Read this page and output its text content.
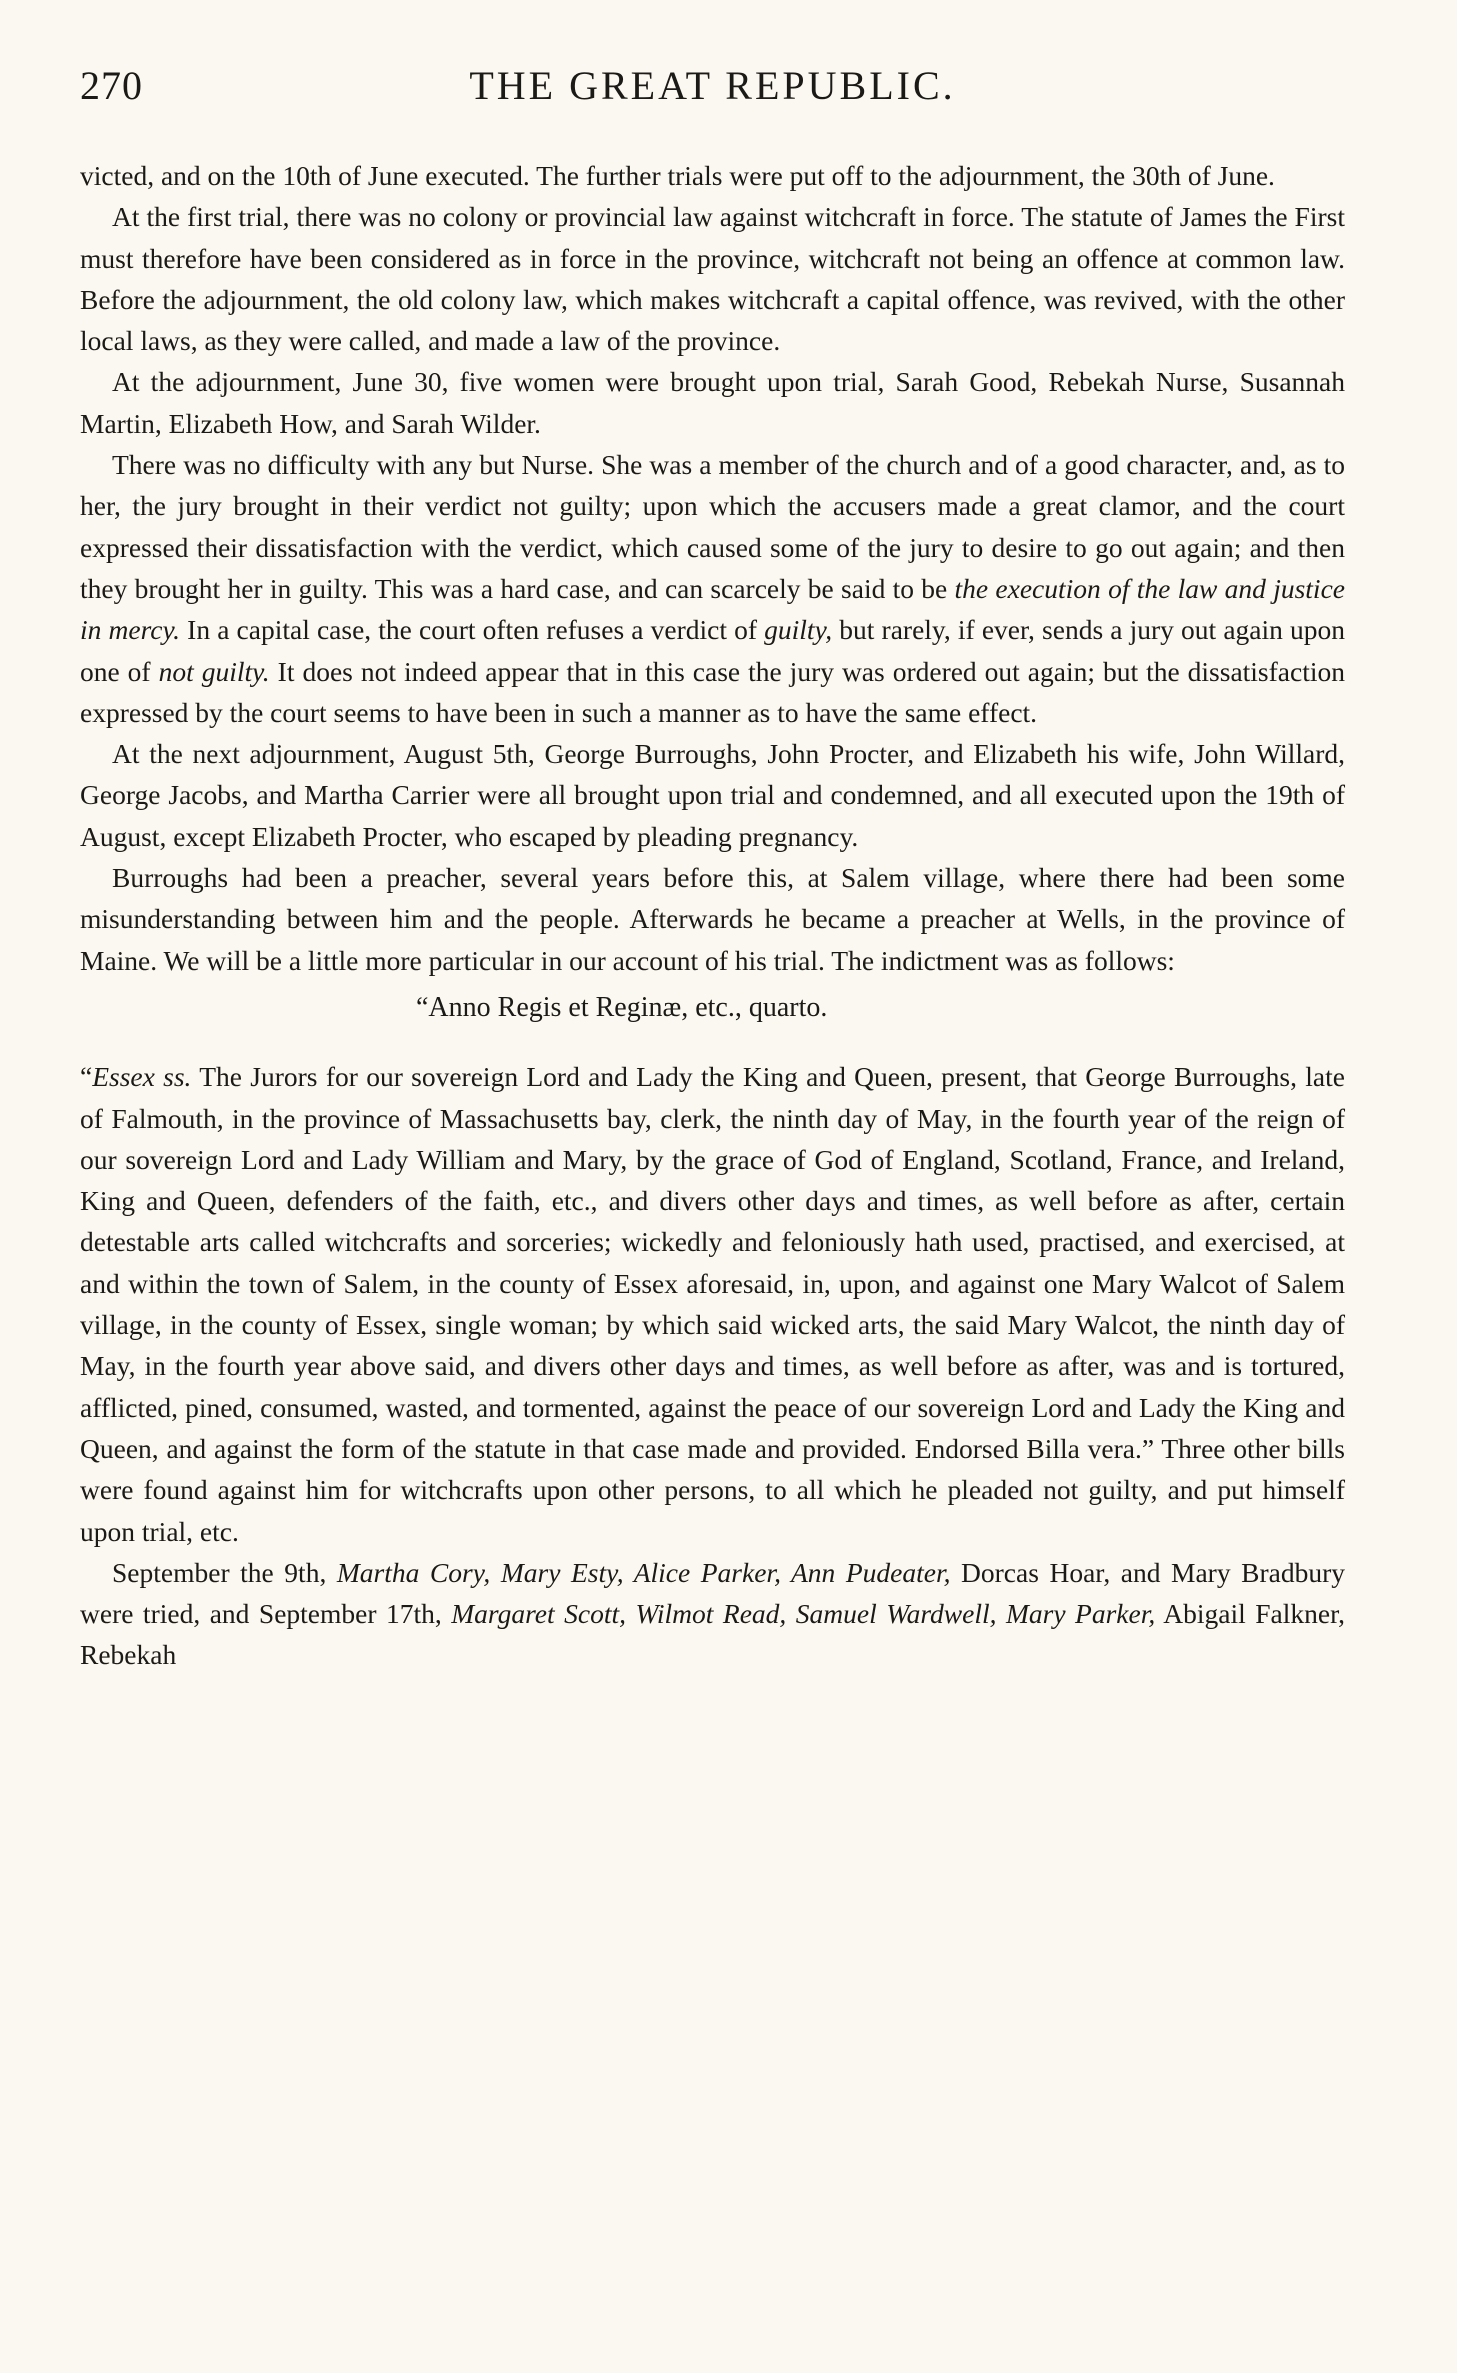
270	THE GREAT REPUBLIC.

victed, and on the 10th of June executed. The further trials were put off to the adjournment, the 30th of June.

At the first trial, there was no colony or provincial law against witchcraft in force. The statute of James the First must therefore have been considered as in force in the province, witchcraft not being an offence at common law. Before the adjournment, the old colony law, which makes witchcraft a capital offence, was revived, with the other local laws, as they were called, and made a law of the province.

At the adjournment, June 30, five women were brought upon trial, Sarah Good, Rebekah Nurse, Susannah Martin, Elizabeth How, and Sarah Wilder.

There was no difficulty with any but Nurse. She was a member of the church and of a good character, and, as to her, the jury brought in their verdict not guilty; upon which the accusers made a great clamor, and the court expressed their dissatisfaction with the verdict, which caused some of the jury to desire to go out again; and then they brought her in guilty. This was a hard case, and can scarcely be said to be the execution of the law and justice in mercy. In a capital case, the court often refuses a verdict of guilty, but rarely, if ever, sends a jury out again upon one of not guilty. It does not indeed appear that in this case the jury was ordered out again; but the dissatisfaction expressed by the court seems to have been in such a manner as to have the same effect.

At the next adjournment, August 5th, George Burroughs, John Procter, and Elizabeth his wife, John Willard, George Jacobs, and Martha Carrier were all brought upon trial and condemned, and all executed upon the 19th of August, except Elizabeth Procter, who escaped by pleading pregnancy.

Burroughs had been a preacher, several years before this, at Salem village, where there had been some misunderstanding between him and the people. Afterwards he became a preacher at Wells, in the province of Maine. We will be a little more particular in our account of his trial. The indictment was as follows:

“Anno Regis et Reginæ, etc., quarto.

“Essex ss. The Jurors for our sovereign Lord and Lady the King and Queen, present, that George Burroughs, late of Falmouth, in the province of Massachusetts bay, clerk, the ninth day of May, in the fourth year of the reign of our sovereign Lord and Lady William and Mary, by the grace of God of England, Scotland, France, and Ireland, King and Queen, defenders of the faith, etc., and divers other days and times, as well before as after, certain detestable arts called witchcrafts and sorceries; wickedly and feloniously hath used, practised, and exercised, at and within the town of Salem, in the county of Essex aforesaid, in, upon, and against one Mary Walcot of Salem village, in the county of Essex, single woman; by which said wicked arts, the said Mary Walcot, the ninth day of May, in the fourth year above said, and divers other days and times, as well before as after, was and is tortured, afflicted, pined, consumed, wasted, and tormented, against the peace of our sovereign Lord and Lady the King and Queen, and against the form of the statute in that case made and provided. Endorsed Billa vera.” Three other bills were found against him for witchcrafts upon other persons, to all which he pleaded not guilty, and put himself upon trial, etc.

September the 9th, Martha Cory, Mary Esty, Alice Parker, Ann Pudeater, Dorcas Hoar, and Mary Bradbury were tried, and September 17th, Margaret Scott, Wilmot Read, Samuel Wardwell, Mary Parker, Abigail Falkner, Rebekah
